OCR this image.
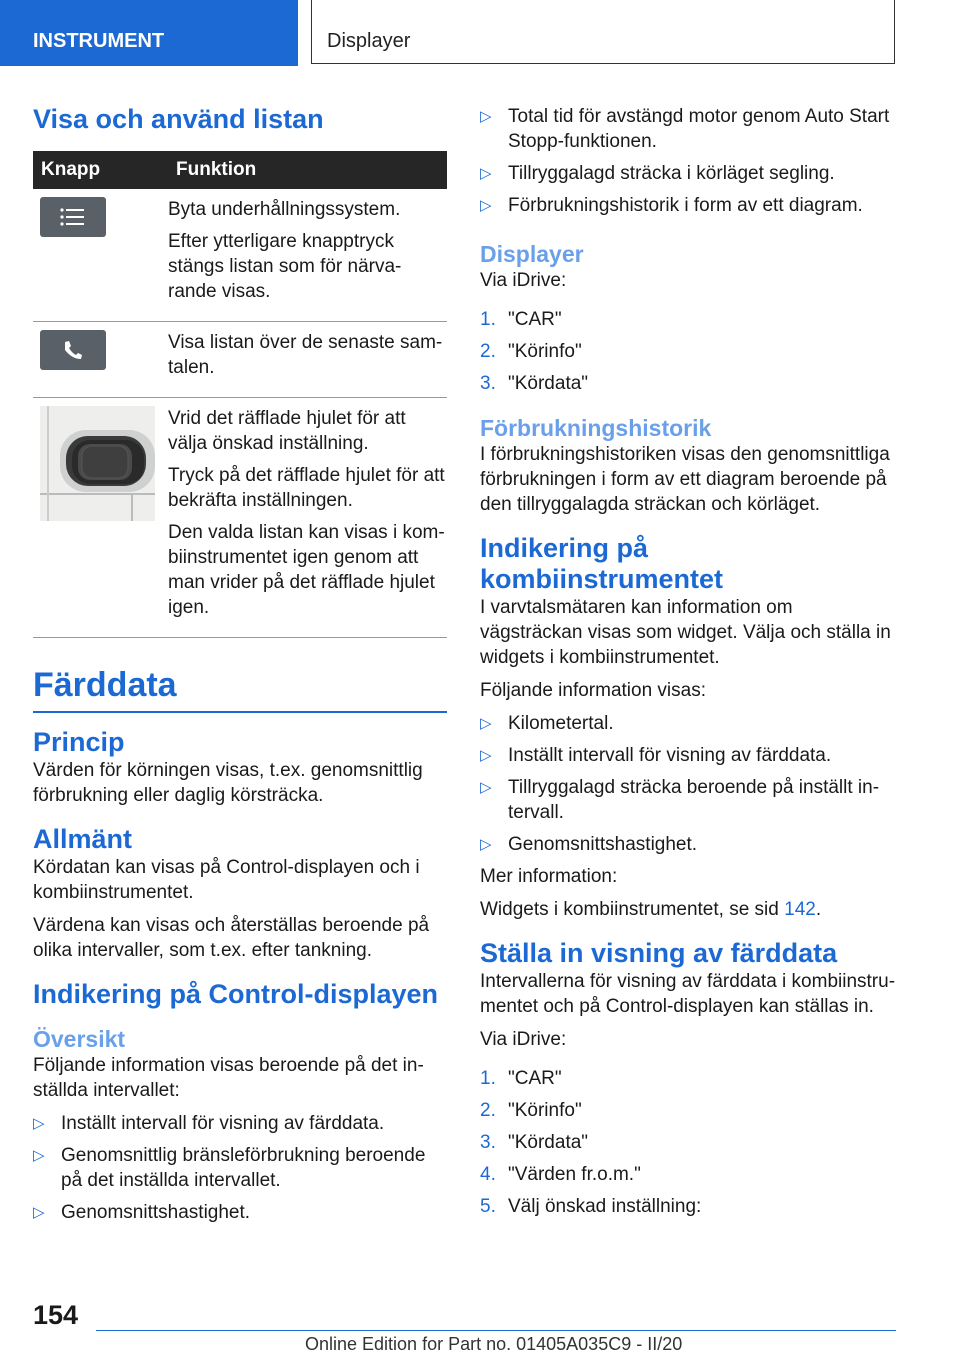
INSTRUMENT	Displayer
Visa och använd listan
Knapp	Funktion

Byta underhållningssystem.

Efter ytterligare knapptryck stängs listan som för närva-rande visas.

Visa listan över de senaste sam-talen.

Vrid det räfflade hjulet för att välja önskad inställning.

Tryck på det räfflade hjulet för att bekräfta inställningen.

Den valda listan kan visas i kom-biinstrumentet igen genom att man vrider på det räfflade hjulet igen.

Färddata
Princip

Värden för körningen visas, t.ex. genomsnittlig förbrukning eller daglig körsträcka.

Allmänt

Kördatan kan visas på Control-displayen och i kombiinstrumentet.

Värdena kan visas och återställas beroende på olika intervaller, som t.ex. efter tankning.

Indikering på Control-displayen
Översikt

Följande information visas beroende på det in-ställda intervallet:

▷ Inställt intervall för visning av färddata.
▷ Genomsnittlig bränsleförbrukning beroende på det inställda intervallet.
▷ Genomsnittshastighet.
▷ Total tid för avstängd motor genom Auto Start Stopp-funktionen.
▷ Tillryggalagd sträcka i körläget segling.
▷ Förbrukningshistorik i form av ett diagram.
Displayer

Via iDrive:

1. "CAR"
2. "Körinfo"
3. "Kördata"
Förbrukningshistorik

I förbrukningshistoriken visas den genomsnittliga förbrukningen i form av ett diagram beroende på den tillryggalagda sträckan och körläget.

Indikering på kombiinstrumentet

I varvtalsmätaren kan information om vägsträckan visas som widget. Välja och ställa in widgets i kombiinstrumentet.

Följande information visas:

▷ Kilometertal.
▷ Inställt intervall för visning av färddata.
▷ Tillryggalagd sträcka beroende på inställt in-tervall.
▷ Genomsnittshastighet.

Mer information:

Widgets i kombiinstrumentet, se sid 142.

Ställa in visning av färddata

Intervallerna för visning av färddata i kombiinstru-mentet och på Control-displayen kan ställas in.

Via iDrive:

1. "CAR"
2. "Körinfo"
3. "Kördata"
4. "Värden fr.o.m."
5. Välj önskad inställning:
154
Online Edition for Part no. 01405A035C9 - II/20
